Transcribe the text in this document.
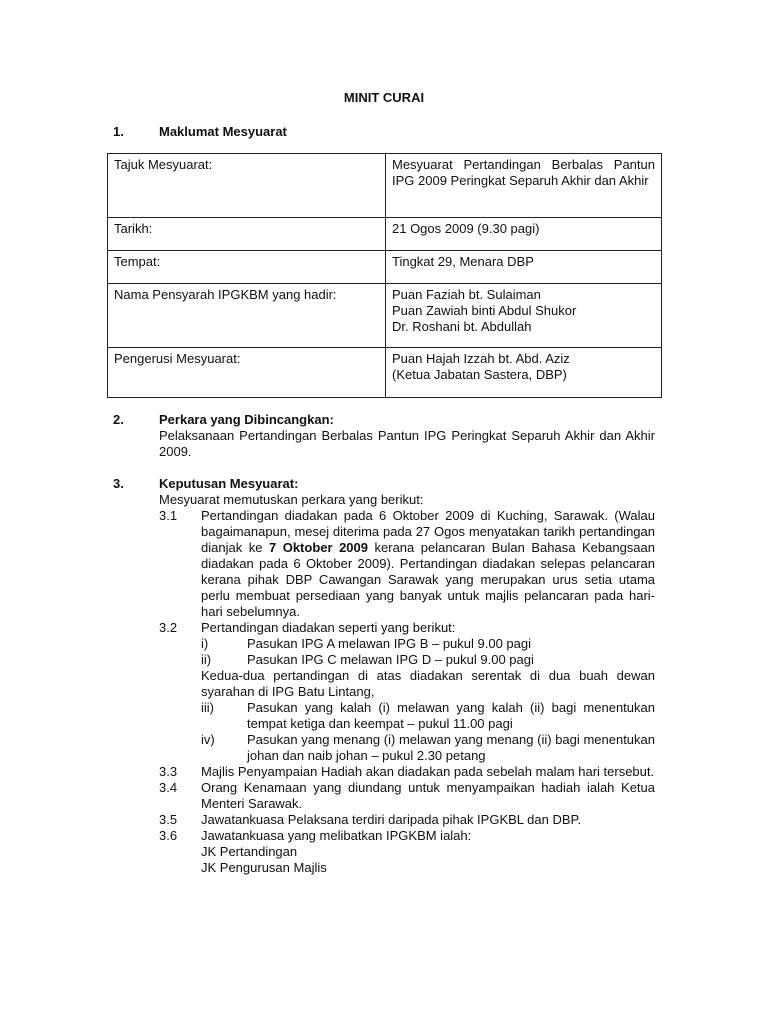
MINIT CURAI
1.	Maklumat Mesyuarat
Tajuk Mesyuarat:	Mesyuarat Pertandingan Berbalas Pantun IPG 2009 Peringkat Separuh Akhir dan Akhir
Tarikh:	21 Ogos 2009 (9.30 pagi)
Tempat:	Tingkat 29, Menara DBP
Nama Pensyarah IPGKBM yang hadir:	Puan Faziah bt. Sulaiman
Puan Zawiah binti Abdul Shukor
Dr. Roshani bt. Abdullah

Pengerusi Mesyuarat:	Puan Hajah Izzah bt. Abd. Aziz
(Ketua Jabatan Sastera, DBP)
2.	Perkara yang Dibincangkan:
Pelaksanaan Pertandingan Berbalas Pantun IPG Peringkat Separuh Akhir dan Akhir 2009.
3.	Keputusan Mesyuarat:
Mesyuarat memutuskan perkara yang berikut:
3.1 Pertandingan diadakan pada 6 Oktober 2009 di Kuching, Sarawak. (Walau bagaimanapun, mesej diterima pada 27 Ogos menyatakan tarikh pertandingan dianjak ke 7 Oktober 2009 kerana pelancaran Bulan Bahasa Kebangsaan diadakan pada 6 Oktober 2009). Pertandingan diadakan selepas pelancaran kerana pihak DBP Cawangan Sarawak yang merupakan urus setia utama perlu membuat persediaan yang banyak untuk majlis pelancaran pada hari-hari sebelumnya.
3.2 Pertandingan diadakan seperti yang berikut:
i)	Pasukan IPG A melawan IPG B – pukul 9.00 pagi
ii)	Pasukan IPG C melawan IPG D – pukul 9.00 pagi
Kedua-dua pertandingan di atas diadakan serentak di dua buah dewan syarahan di IPG Batu Lintang,
iii)	Pasukan yang kalah (i) melawan yang kalah (ii) bagi menentukan tempat ketiga dan keempat – pukul 11.00 pagi
iv) Pasukan yang menang (i) melawan yang menang (ii) bagi menentukan johan dan naib johan – pukul 2.30 petang
3.3 Majlis Penyampaian Hadiah akan diadakan pada sebelah malam hari tersebut.
3.4 Orang Kenamaan yang diundang untuk menyampaikan hadiah ialah Ketua Menteri Sarawak.
3.5 Jawatankuasa Pelaksana terdiri daripada pihak IPGKBL dan DBP.
3.6 Jawatankuasa yang melibatkan IPGKBM ialah:
JK Pertandingan
JK Pengurusan Majlis
